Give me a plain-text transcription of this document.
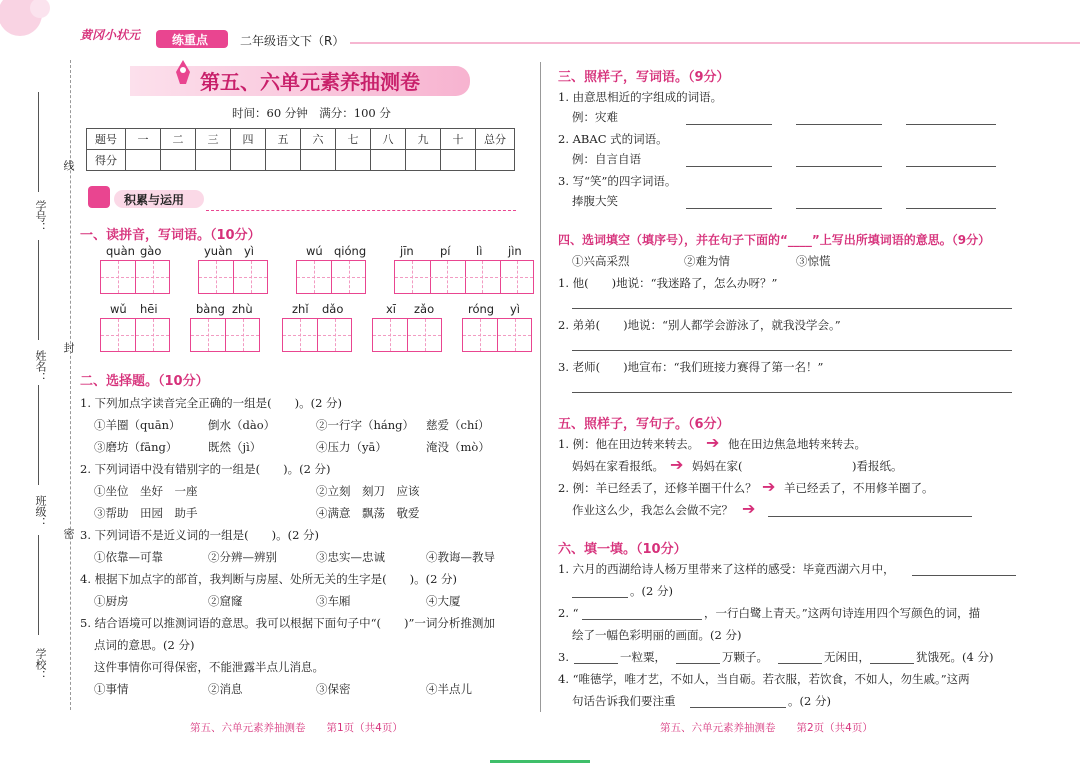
黄冈小状元	练重点	二年级语文下（R）
第五、六单元素养抽测卷
时间：60 分钟　满分：100 分
题号	一	二	三	四	五	六	七	八	九	十	总分
得分											
学号：
姓名：
班级：
学校：
线
封
密
积累与运用
一、读拼音，写词语。（10分）
quàn gào	yuàn yì	wú qióng	jīn pí lì jìn
wǔ hēi	bàng zhù	zhǐ dǎo	xī zǎo	róng yì
二、选择题。（10分）
1. 下列加点字读音完全正确的一组是(　　)。(2 分)
①羊圈（quān） 倒水（dào）	②一行字（háng） 慈爱（chí）
③磨坊（fāng）	既然（jì）	④压力（yā）	淹没（mò）
2. 下列词语中没有错别字的一组是(　　)。(2 分)
①坐位　坐好　一座	②立刻　刻刀　应该
③帮助　田园　助手	④满意　飘荡　敬爱
3. 下列词语不是近义词的一组是(　　)。(2 分)
①依靠—可靠	②分辨—辨别	③忠实—忠诚	④教诲—教导
4. 根据下加点字的部首，我判断与房屋、处所无关的生字是(　　)。(2 分)
①厨房	②窟窿	③车厢	④大厦
5. 结合语境可以推测词语的意思。我可以根据下面句子中“(　　)”一词分析推测加
点词的意思。(2 分)
这件事情你可得保密，不能泄露半点儿消息。
①事情	②消息	③保密	④半点儿
三、照样子，写词语。（9分）
1. 由意思相近的字组成的词语。
例：灾难
2. ABAC 式的词语。
例：自言自语
3. 写“笑”的四字词语。
捧腹大笑
四、选词填空（填序号），并在句子下面的“____”上写出所填词语的意思。（9分）
①兴高采烈	②难为情	③惊慌
1. 他(　　)地说：“我迷路了，怎么办呀？”
2. 弟弟(　　)地说：“别人都学会游泳了，就我没学会。”
3. 老师(　　)地宣布：“我们班接力赛得了第一名！”
五、照样子，写句子。（6分）
1. 例：他在田边转来转去。 ➔ 他在田边焦急地转来转去。
妈妈在家看报纸。 ➔ 妈妈在家(	)看报纸。
2. 例：羊已经丢了，还修羊圈干什么？ ➔ 羊已经丢了，不用修羊圈了。
作业这么少，我怎么会做不完？ ➔
六、填一填。（10分）
1. 六月的西湖给诗人杨万里带来了这样的感受：毕竟西湖六月中，
。(2 分)
2. “	，一行白鹭上青天。”这两句诗连用四个写颜色的词，描
绘了一幅色彩明丽的画面。(2 分)
3.	一粒粟，	万颗子。	无闲田，	犹饿死。(4 分)
4. “唯德学，唯才艺，不如人，当自砺。若衣服，若饮食，不如人，勿生戚。”这两
句话告诉我们要注重	。(2 分)
第五、六单元素养抽测卷　　第1页（共4页）	第五、六单元素养抽测卷　　第2页（共4页）
